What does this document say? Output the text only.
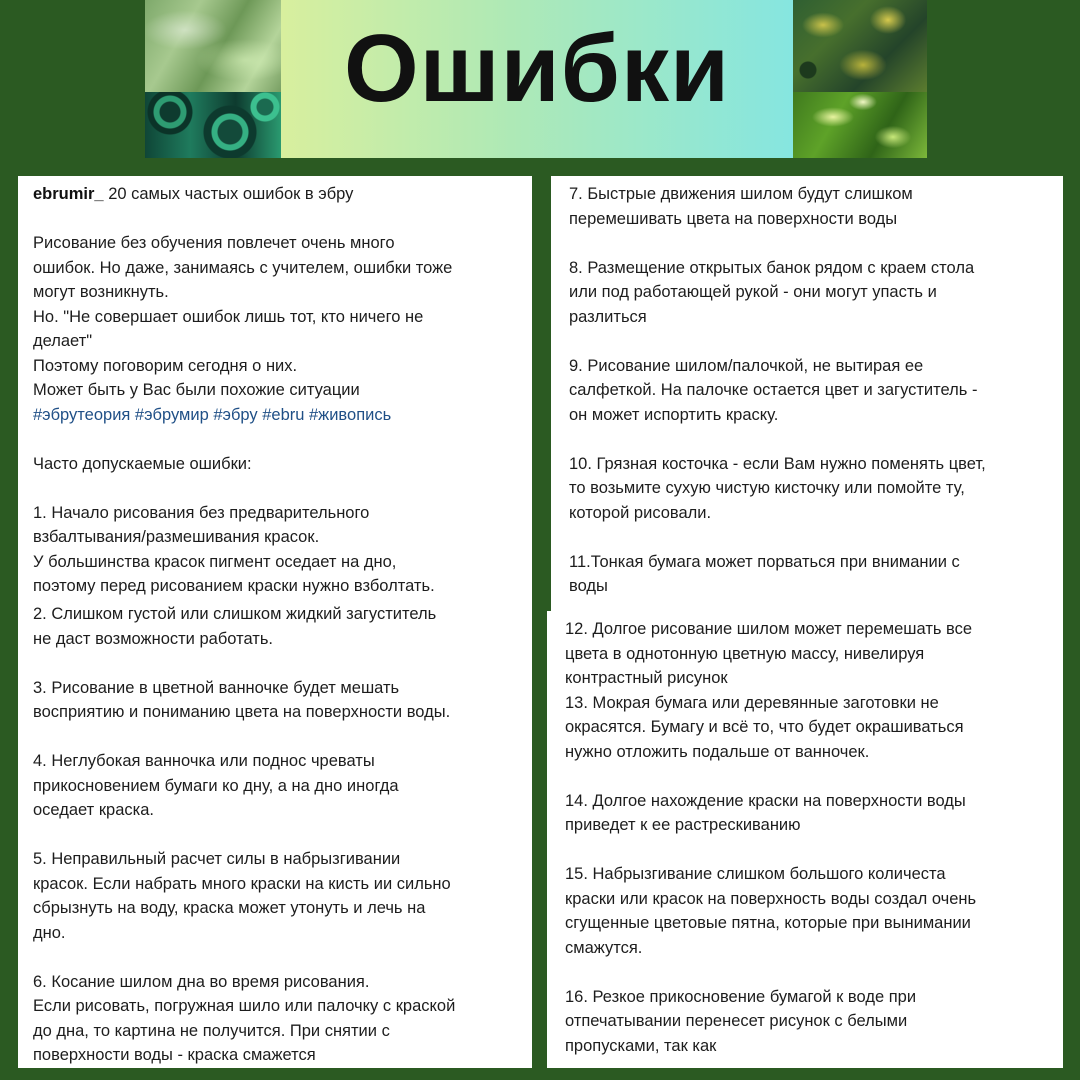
Ошибки
ebrumir_ 20 самых частых ошибок в эбру
Рисование без обучения повлечет очень много
ошибок. Но даже, занимаясь с учителем, ошибки тоже
могут возникнуть.
Но. "Не совершает ошибок лишь тот, кто ничего не
делает"
Поэтому поговорим сегодня о них.
Может быть у Вас были похожие ситуации
#эбрутеория #эбрумир #эбру #ebru #живопись
Часто допускаемые ошибки:
1. Начало рисования без предварительного
взбалтывания/размешивания красок.
У большинства красок пигмент оседает на дно,
поэтому перед рисованием краски нужно взболтать.
2. Слишком густой или слишком жидкий загуститель
не даст возможности работать.
3. Рисование в цветной ванночке будет мешать
восприятию и пониманию цвета на поверхности воды.
4. Неглубокая ванночка или поднос чреваты
прикосновением бумаги ко дну, а на дно иногда
оседает краска.
5. Неправильный расчет силы в набрызгивании
красок. Если набрать много краски на кисть ии сильно
сбрызнуть на воду, краска может утонуть и лечь на
дно.
6. Косание шилом дна во время рисования.
Если рисовать, погружная шило или палочку с краской
до дна, то картина не получится. При снятии с
поверхности воды - краска смажется
7. Быстрые движения шилом будут слишком
перемешивать цвета на поверхности воды
8. Размещение открытых банок рядом с краем стола
или под работающей рукой - они могут упасть и
разлиться
9. Рисование шилом/палочкой, не вытирая ее
салфеткой. На палочке остается цвет и загуститель -
он может испортить краску.
10. Грязная косточка - если Вам нужно поменять цвет,
то возьмите сухую чистую кисточку или помойте ту,
которой рисовали.
11.Тонкая бумага может порваться при внимании с
воды
12. Долгое рисование шилом может перемешать все
цвета в однотонную цветную массу, нивелируя
контрастный рисунок
13. Мокрая бумага или деревянные заготовки не
окрасятся. Бумагу и всё то, что будет окрашиваться
нужно отложить подальше от ванночек.
14. Долгое нахождение краски на поверхности воды
приведет к ее растрескиванию
15. Набрызгивание слишком большого количеста
краски или красок на поверхность воды создал очень
сгущенные цветовые пятна, которые при вынимании
смажутся.
16. Резкое прикосновение бумагой к воде при
отпечатывании перенесет рисунок с белыми
пропусками, так как
